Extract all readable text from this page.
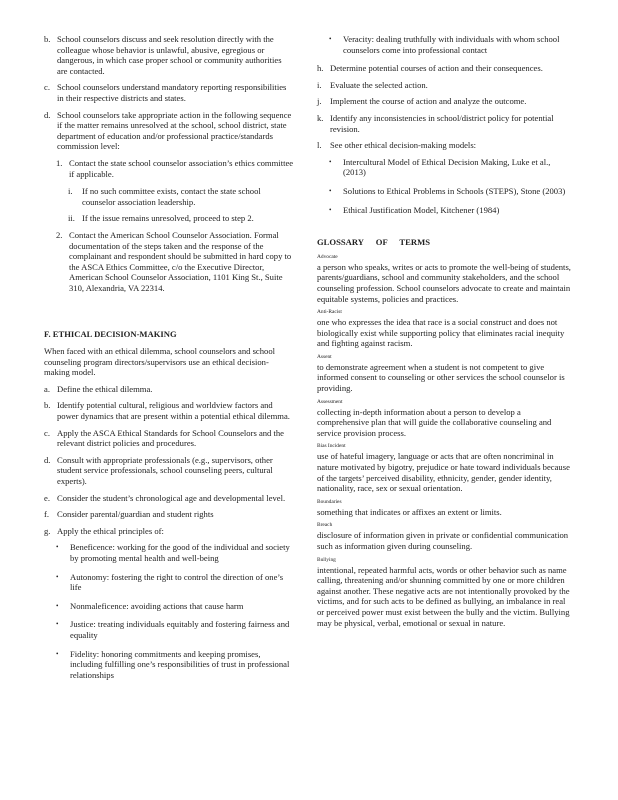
b. School counselors discuss and seek resolution directly with the colleague whose behavior is unlawful, abusive, egregious or dangerous, in which case proper school or community authorities are contacted.
c. School counselors understand mandatory reporting responsibilities in their respective districts and states.
d. School counselors take appropriate action in the following sequence if the matter remains unresolved at the school, school district, state department of education and/or professional practice/standards commission level:
1. Contact the state school counselor association’s ethics committee if applicable.
i. If no such committee exists, contact the state school counselor association leadership.
ii. If the issue remains unresolved, proceed to step 2.
2. Contact the American School Counselor Association. Formal documentation of the steps taken and the response of the complainant and respondent should be submitted in hard copy to the ASCA Ethics Committee, c/o the Executive Director, American School Counselor Association, 1101 King St., Suite 310, Alexandria, VA 22314.
F. ETHICAL DECISION-MAKING
When faced with an ethical dilemma, school counselors and school counseling program directors/supervisors use an ethical decision-making model.
a. Define the ethical dilemma.
b. Identify potential cultural, religious and worldview factors and power dynamics that are present within a potential ethical dilemma.
c. Apply the ASCA Ethical Standards for School Counselors and the relevant district policies and procedures.
d. Consult with appropriate professionals (e.g., supervisors, other student service professionals, school counseling peers, cultural experts).
e. Consider the student’s chronological age and developmental level.
f. Consider parental/guardian and student rights
g. Apply the ethical principles of:
• Beneficence: working for the good of the individual and society by promoting mental health and well-being
• Autonomy: fostering the right to control the direction of one’s life
• Nonmaleficence: avoiding actions that cause harm
• Justice: treating individuals equitably and fostering fairness and equality
• Fidelity: honoring commitments and keeping promises, including fulfilling one’s responsibilities of trust in professional relationships
• Veracity: dealing truthfully with individuals with whom school counselors come into professional contact
h. Determine potential courses of action and their consequences.
i. Evaluate the selected action.
j. Implement the course of action and analyze the outcome.
k. Identify any inconsistencies in school/district policy for potential revision.
l. See other ethical decision-making models:
• Intercultural Model of Ethical Decision Making, Luke et al., (2013)
• Solutions to Ethical Problems in Schools (STEPS), Stone (2003)
• Ethical Justification Model, Kitchener (1984)
GLOSSARY OF TERMS
Advocate
a person who speaks, writes or acts to promote the well-being of students, parents/guardians, school and community stakeholders, and the school counseling profession. School counselors advocate to create and maintain equitable systems, policies and practices.
Anti-Racist
one who expresses the idea that race is a social construct and does not biologically exist while supporting policy that eliminates racial inequity and fighting against racism.
Assent
to demonstrate agreement when a student is not competent to give informed consent to counseling or other services the school counselor is providing.
Assessment
collecting in-depth information about a person to develop a comprehensive plan that will guide the collaborative counseling and service provision process.
Bias Incident
use of hateful imagery, language or acts that are often noncriminal in nature motivated by bigotry, prejudice or hate toward individuals because of the targets’ perceived disability, ethnicity, gender, gender identity, nationality, race, sex or sexual orientation.
Boundaries
something that indicates or affixes an extent or limits.
Breach
disclosure of information given in private or confidential communication such as information given during counseling.
Bullying
intentional, repeated harmful acts, words or other behavior such as name calling, threatening and/or shunning committed by one or more children against another. These negative acts are not intentionally provoked by the victims, and for such acts to be defined as bullying, an imbalance in real or perceived power must exist between the bully and the victim. Bullying may be physical, verbal, emotional or sexual in nature.
